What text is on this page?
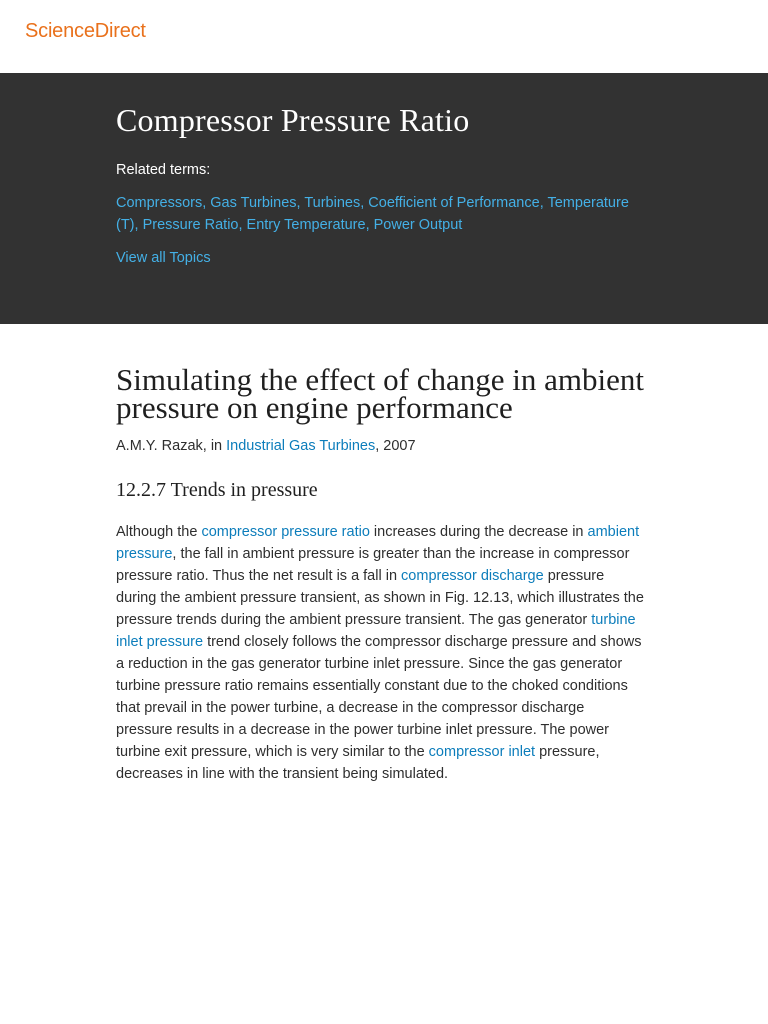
ScienceDirect
Compressor Pressure Ratio
Related terms:
Compressors, Gas Turbines, Turbines, Coefficient of Performance, Temperature (T), Pressure Ratio, Entry Temperature, Power Output
View all Topics
Simulating the effect of change in ambient pressure on engine performance
A.M.Y. Razak, in Industrial Gas Turbines, 2007
12.2.7 Trends in pressure

Although the compressor pressure ratio increases during the decrease in ambient pressure, the fall in ambient pressure is greater than the increase in compressor pressure ratio. Thus the net result is a fall in compressor discharge pressure during the ambient pressure transient, as shown in Fig. 12.13, which illustrates the pressure trends during the ambient pressure transient. The gas generator turbine inlet pressure trend closely follows the compressor discharge pressure and shows a reduction in the gas generator turbine inlet pressure. Since the gas generator turbine pressure ratio remains essentially constant due to the choked conditions that prevail in the power turbine, a decrease in the compressor discharge pressure results in a decrease in the power turbine inlet pressure. The power turbine exit pressure, which is very similar to the compressor inlet pressure, decreases in line with the transient being simulated.
